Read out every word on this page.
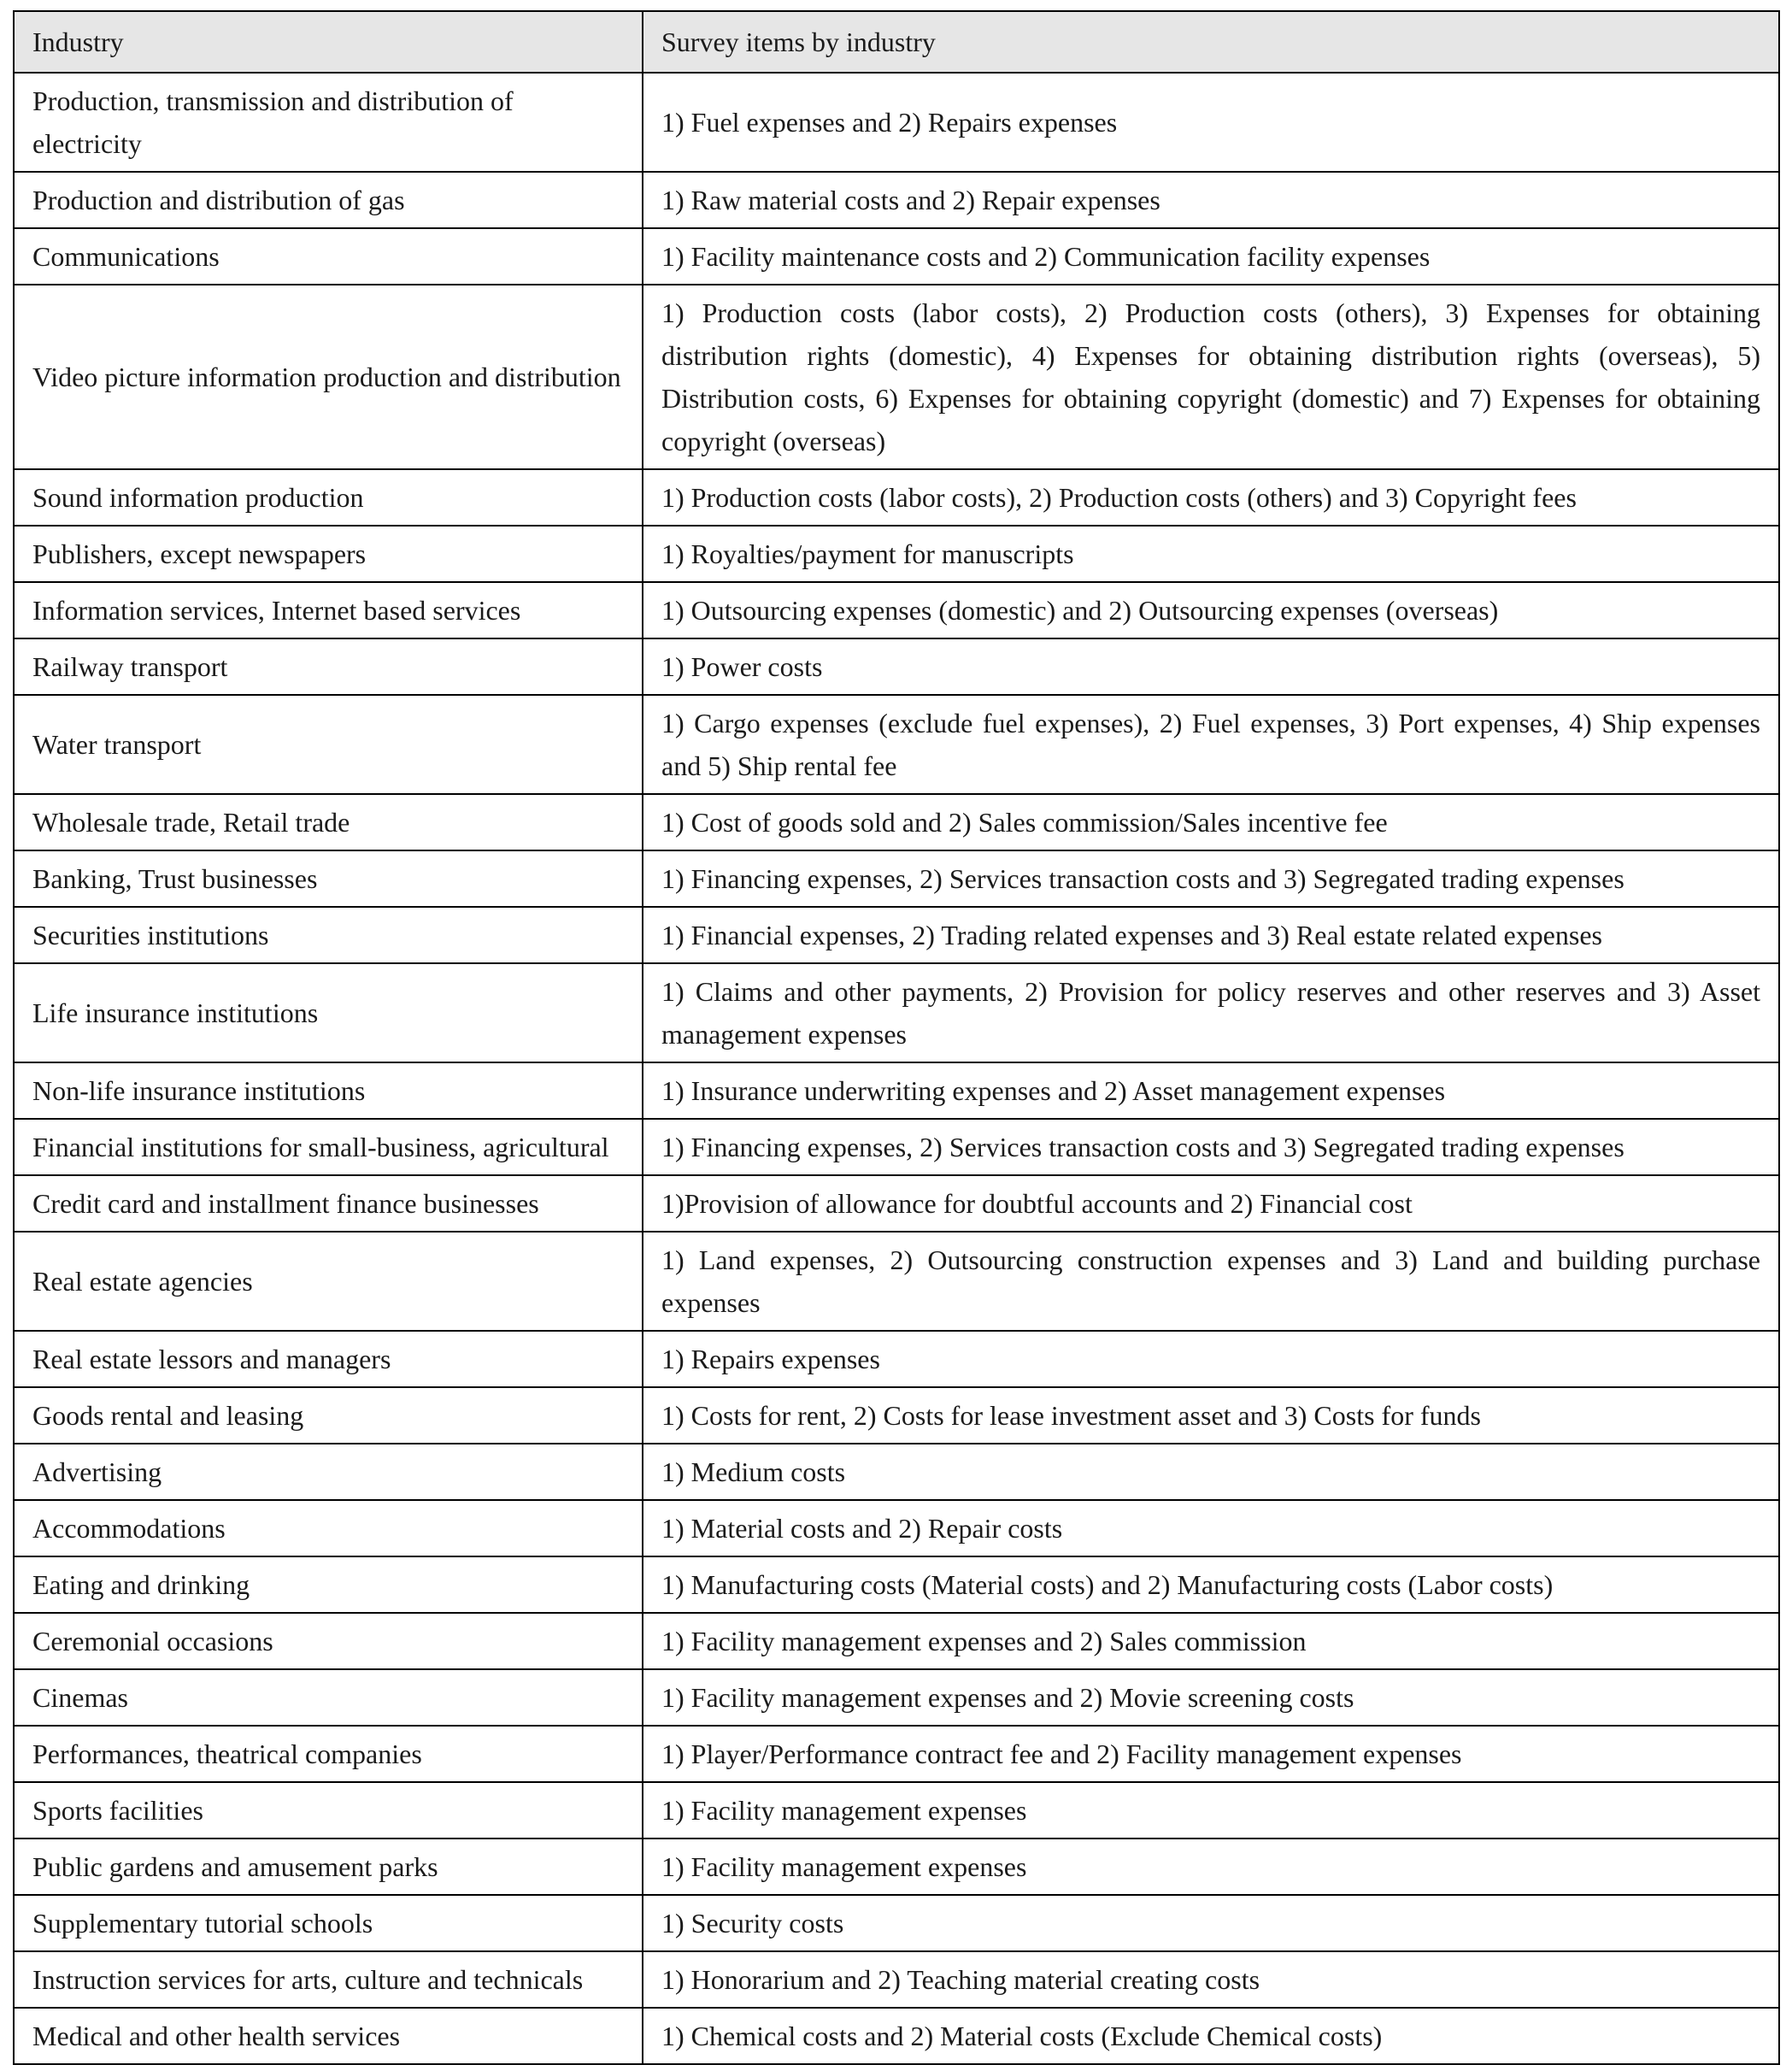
Industry	Survey items by industry
Production, transmission and distribution of electricity	1) Fuel expenses and 2) Repairs expenses
Production and distribution of gas	1) Raw material costs and 2) Repair expenses
Communications	1) Facility maintenance costs and 2) Communication facility expenses
Video picture information production and distribution	1) Production costs (labor costs), 2) Production costs (others), 3) Expenses for obtaining distribution rights (domestic), 4) Expenses for obtaining distribution rights (overseas), 5) Distribution costs, 6) Expenses for obtaining copyright (domestic) and 7) Expenses for obtaining copyright (overseas)
Sound information production	1) Production costs (labor costs), 2) Production costs (others) and 3) Copyright fees
Publishers, except newspapers	1) Royalties/payment for manuscripts
Information services, Internet based services	1) Outsourcing expenses (domestic) and 2) Outsourcing expenses (overseas)
Railway transport	1) Power costs
Water transport	1) Cargo expenses (exclude fuel expenses), 2) Fuel expenses, 3) Port expenses, 4) Ship expenses and 5) Ship rental fee
Wholesale trade, Retail trade	1) Cost of goods sold and 2) Sales commission/Sales incentive fee
Banking, Trust businesses	1) Financing expenses, 2) Services transaction costs and 3) Segregated trading expenses
Securities institutions	1) Financial expenses, 2) Trading related expenses and 3) Real estate related expenses
Life insurance institutions	1) Claims and other payments, 2) Provision for policy reserves and other reserves and 3) Asset management expenses
Non-life insurance institutions	1) Insurance underwriting expenses and 2) Asset management expenses
Financial institutions for small-business, agricultural	1) Financing expenses, 2) Services transaction costs and 3) Segregated trading expenses
Credit card and installment finance businesses	1)Provision of allowance for doubtful accounts and 2) Financial cost
Real estate agencies	1) Land expenses, 2) Outsourcing construction expenses and 3) Land and building purchase expenses
Real estate lessors and managers	1) Repairs expenses
Goods rental and leasing	1) Costs for rent, 2) Costs for lease investment asset and 3) Costs for funds
Advertising	1) Medium costs
Accommodations	1) Material costs and 2) Repair costs
Eating and drinking	1) Manufacturing costs (Material costs) and 2) Manufacturing costs (Labor costs)
Ceremonial occasions	1) Facility management expenses and 2) Sales commission
Cinemas	1) Facility management expenses and 2) Movie screening costs
Performances, theatrical companies	1) Player/Performance contract fee and 2) Facility management expenses
Sports facilities	1) Facility management expenses
Public gardens and amusement parks	1) Facility management expenses
Supplementary tutorial schools	1) Security costs
Instruction services for arts, culture and technicals	1) Honorarium and 2) Teaching material creating costs
Medical and other health services	1) Chemical costs and 2) Material costs (Exclude Chemical costs)
